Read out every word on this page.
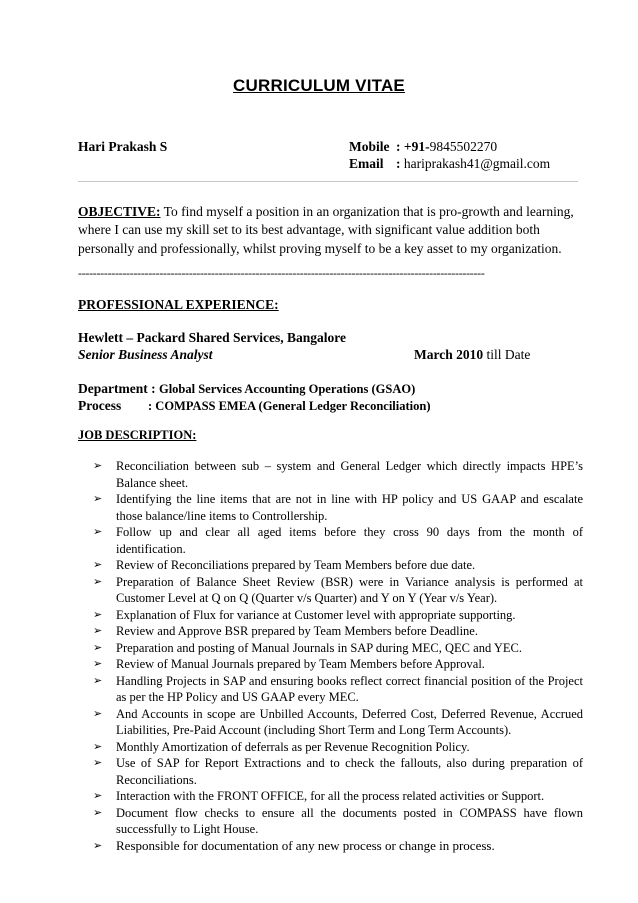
CURRICULUM VITAE
Hari Prakash S	Mobile : +91-9845502270
Email : hariprakash41@gmail.com
OBJECTIVE: To find myself a position in an organization that is pro-growth and learning, where I can use my skill set to its best advantage, with significant value addition both personally and professionally, whilst proving myself to be a key asset to my organization.
--------------------------------------------------------------------------------------------------------------
PROFESSIONAL EXPERIENCE:
Hewlett – Packard Shared Services, Bangalore
Senior Business Analyst	March 2010 till Date
Department : Global Services Accounting Operations (GSAO)
Process : COMPASS EMEA (General Ledger Reconciliation)
JOB DESCRIPTION:
➢ Reconciliation between sub – system and General Ledger which directly impacts HPE’s Balance sheet.
➢ Identifying the line items that are not in line with HP policy and US GAAP and escalate those balance/line items to Controllership.
➢ Follow up and clear all aged items before they cross 90 days from the month of identification.
➢ Review of Reconciliations prepared by Team Members before due date.
➢ Preparation of Balance Sheet Review (BSR) were in Variance analysis is performed at Customer Level at Q on Q (Quarter v/s Quarter) and Y on Y (Year v/s Year).
➢ Explanation of Flux for variance at Customer level with appropriate supporting.
➢ Review and Approve BSR prepared by Team Members before Deadline.
➢ Preparation and posting of Manual Journals in SAP during MEC, QEC and YEC.
➢ Review of Manual Journals prepared by Team Members before Approval.
➢ Handling Projects in SAP and ensuring books reflect correct financial position of the Project as per the HP Policy and US GAAP every MEC.
➢ And Accounts in scope are Unbilled Accounts, Deferred Cost, Deferred Revenue, Accrued Liabilities, Pre-Paid Account (including Short Term and Long Term Accounts).
➢ Monthly Amortization of deferrals as per Revenue Recognition Policy.
➢ Use of SAP for Report Extractions and to check the fallouts, also during preparation of Reconciliations.
➢ Interaction with the FRONT OFFICE, for all the process related activities or Support.
➢ Document flow checks to ensure all the documents posted in COMPASS have flown successfully to Light House.
➢ Responsible for documentation of any new process or change in process.
